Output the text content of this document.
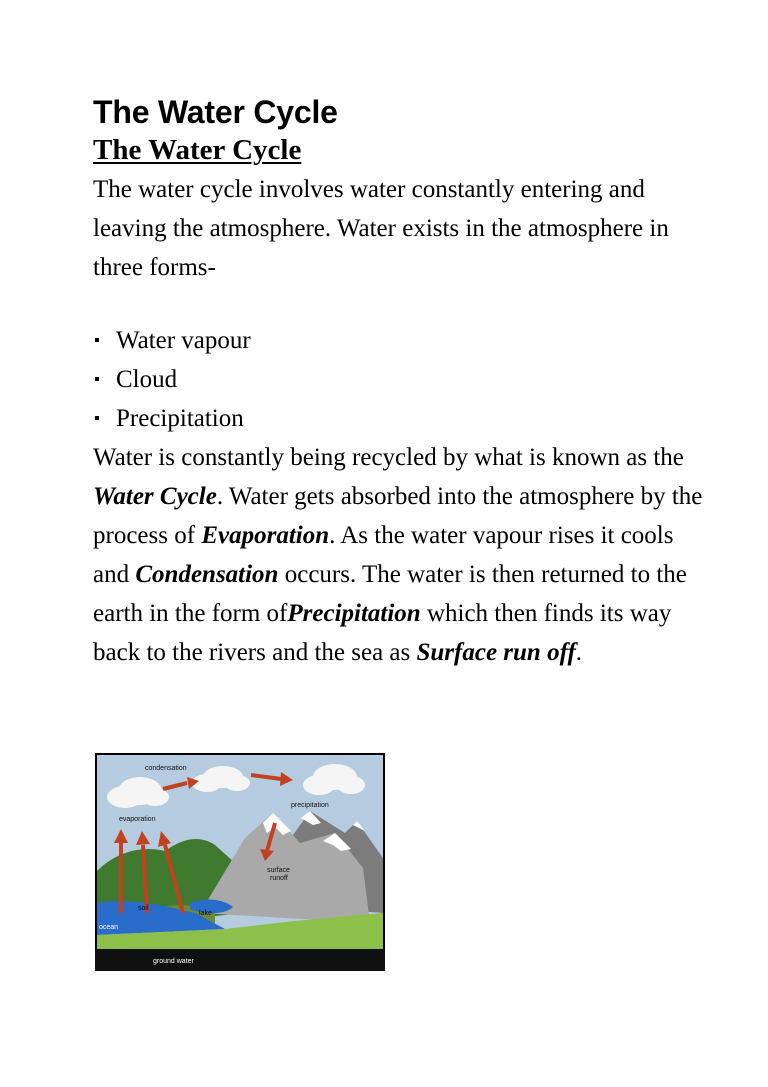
The Water Cycle
The Water Cycle

The water cycle involves water constantly entering and leaving the atmosphere. Water exists in the atmosphere in three forms-

Water vapour
Cloud
Precipitation

Water is constantly being recycled by what is known as the Water Cycle. Water gets absorbed into the atmosphere by the process of Evaporation. As the water vapour rises it cools and Condensation occurs. The water is then returned to the earth in the form ofPrecipitation which then finds its way back to the rivers and the sea as Surface run off.

condensation
precipitation
evaporation
surface
runoff
soil
lake
ocean
ground water
